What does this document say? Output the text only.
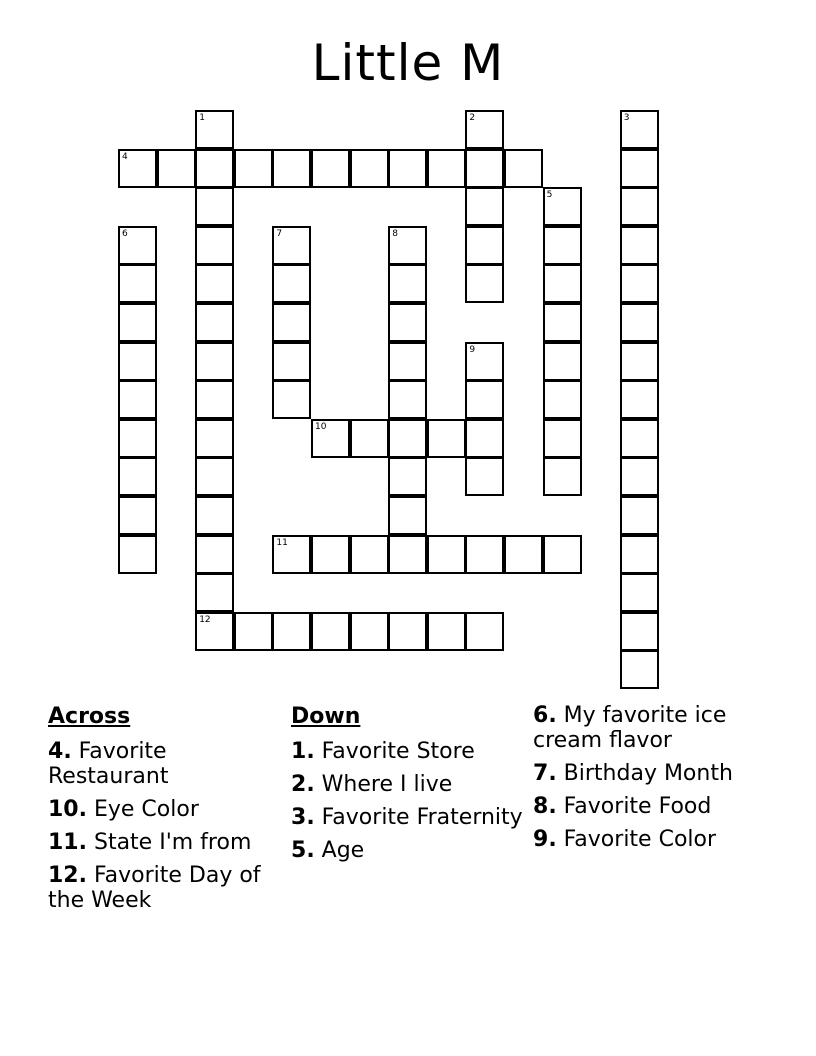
Little M
1	2	3
4
5
6	7	8
9
10
11
12
Across
4. Favorite Restaurant
10. Eye Color
11. State I'm from
12. Favorite Day of the Week
Down
1. Favorite Store
2. Where I live
3. Favorite Fraternity
5. Age
6. My favorite ice cream flavor
7. Birthday Month
8. Favorite Food
9. Favorite Color
